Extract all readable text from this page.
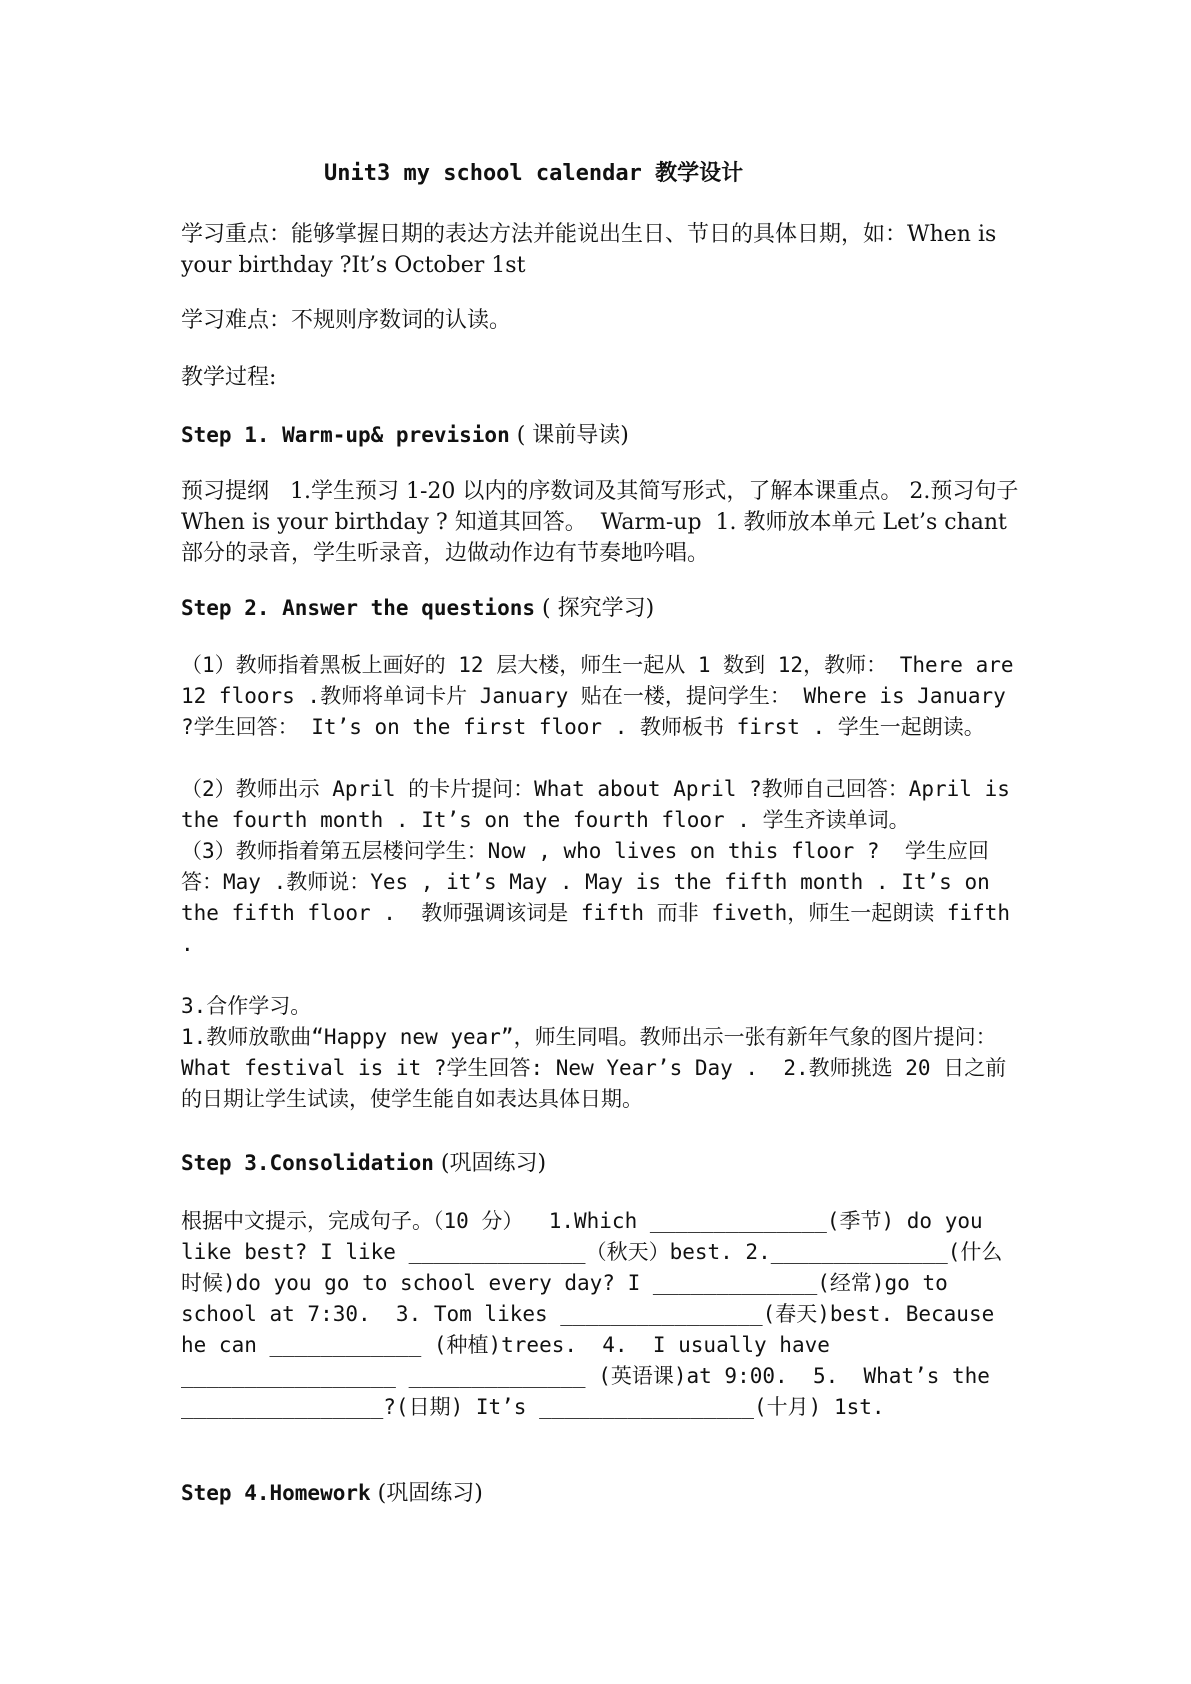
Unit3 my school calendar 教学设计
学习重点：能够掌握日期的表达方法并能说出生日、节日的具体日期，如：When is your birthday ?It’s October 1st
学习难点：不规则序数词的认读。
教学过程:
Step 1. Warm-up& prevision ( 课前导读)
预习提纲   1.学生预习 1-20 以内的序数词及其简写形式，了解本课重点。 2.预习句子 When is your birthday ? 知道其回答。  Warm-up  1. 教师放本单元 Let’s chant 部分的录音，学生听录音，边做动作边有节奏地吟唱。
Step 2. Answer the questions ( 探究学习)
（1）教师指着黑板上画好的 12 层大楼，师生一起从 1 数到 12，教师： There are 12 floors .教师将单词卡片 January 贴在一楼，提问学生： Where is January ?学生回答： It’s on the first floor . 教师板书 first . 学生一起朗读。
（2）教师出示 April 的卡片提问：What about April ?教师自己回答：April is the fourth month . It’s on the fourth floor . 学生齐读单词。
（3）教师指着第五层楼问学生：Now , who lives on this floor ?  学生应回答：May .教师说：Yes , it’s May . May is the fifth month . It’s on the fifth floor .  教师强调该词是 fifth 而非 fiveth，师生一起朗读 fifth .
3.合作学习。
1.教师放歌曲“Happy new year”，师生同唱。教师出示一张有新年气象的图片提问：What festival is it ?学生回答: New Year’s Day .  2.教师挑选 20 日之前的日期让学生试读，使学生能自如表达具体日期。
Step 3.Consolidation (巩固练习)
根据中文提示，完成句子。（10 分）  1.Which ______________(季节) do you like best? I like ______________（秋天）best. 2.______________(什么时候)do you go to school every day? I _____________(经常)go to school at 7:30.  3. Tom likes ________________(春天)best. Because he can ____________ (种植)trees.  4.  I usually have _________________ ______________ (英语课)at 9:00.  5.  What’s the ________________?(日期) It’s _________________(十月) 1st.
Step 4.Homework (巩固练习)
